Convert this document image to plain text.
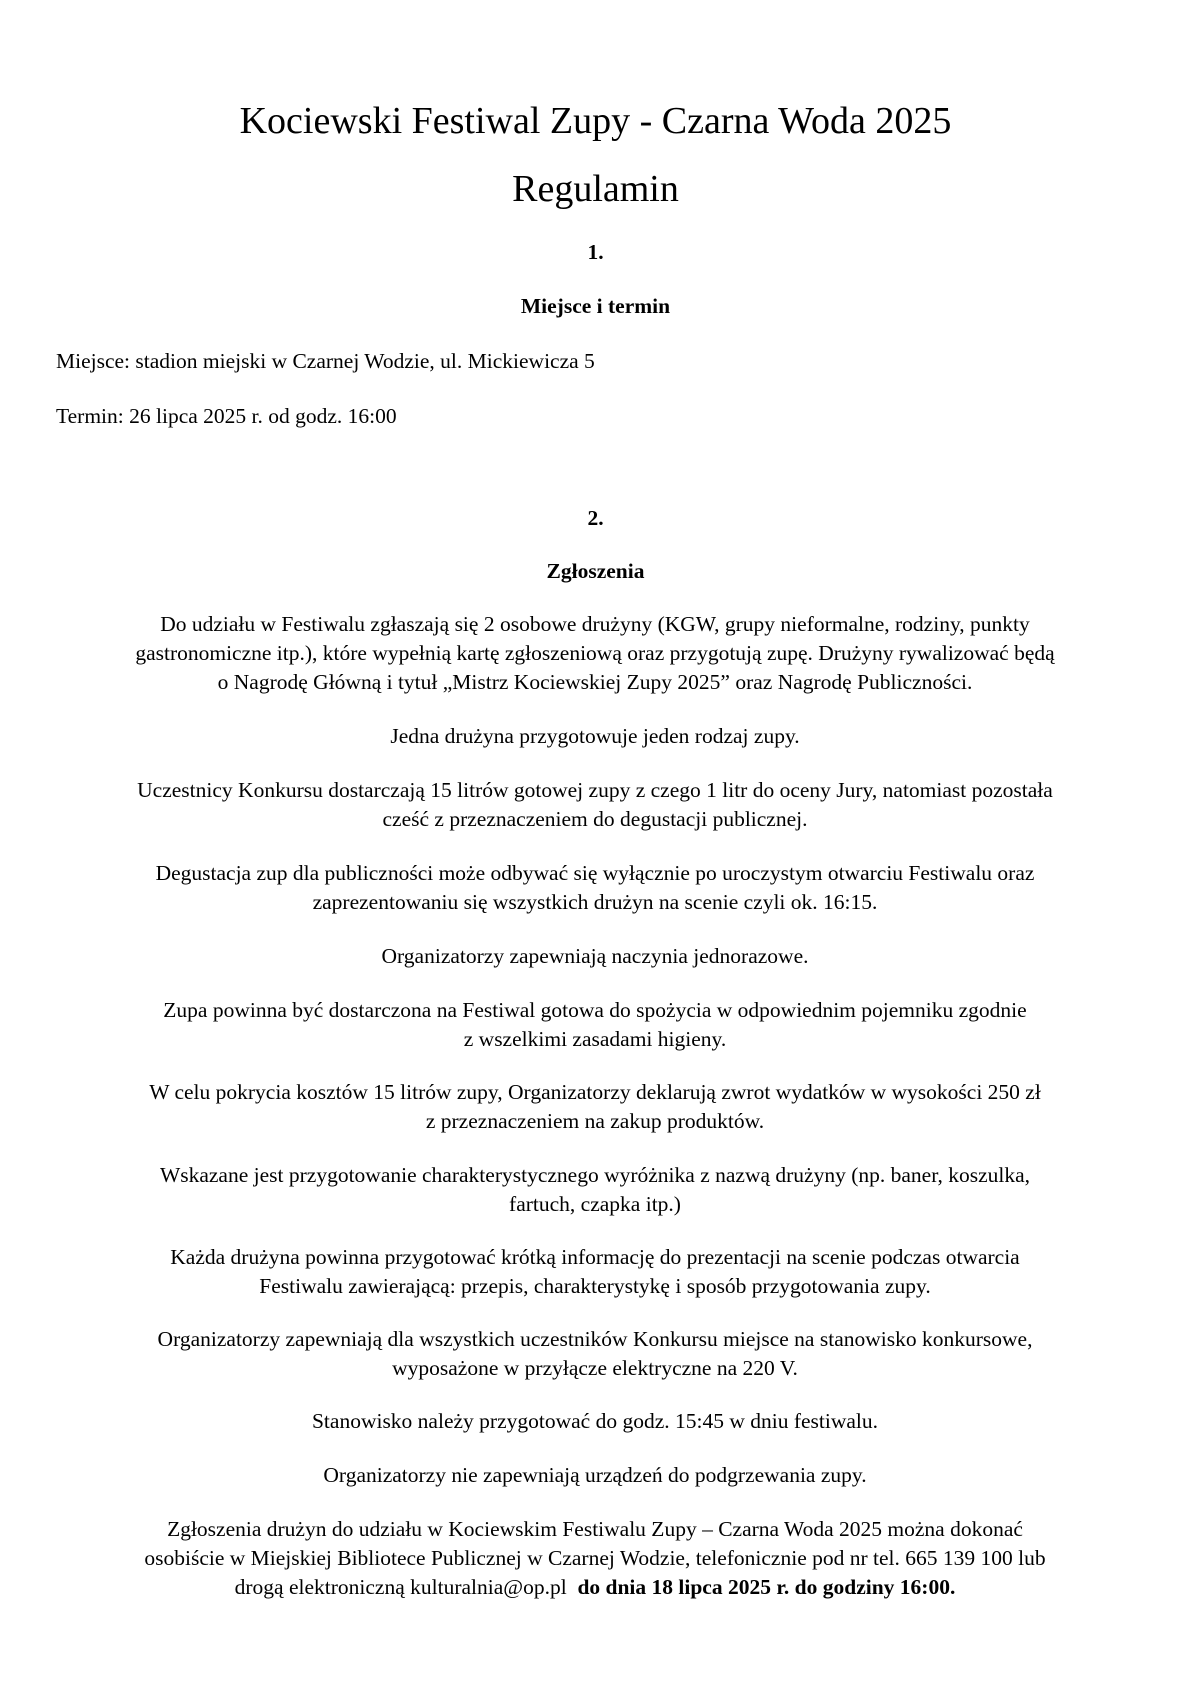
Kociewski Festiwal Zupy - Czarna Woda 2025
Regulamin

1.

Miejsce i termin

Miejsce: stadion miejski w Czarnej Wodzie, ul. Mickiewicza 5

Termin: 26 lipca 2025 r. od godz. 16:00

2.

Zgłoszenia

Do udziału w Festiwalu zgłaszają się 2 osobowe drużyny (KGW, grupy nieformalne, rodziny, punkty
gastronomiczne itp.), które wypełnią kartę zgłoszeniową oraz przygotują zupę. Drużyny rywalizować będą
o Nagrodę Główną i tytuł „Mistrz Kociewskiej Zupy 2025” oraz Nagrodę Publiczności.
Jedna drużyna przygotowuje jeden rodzaj zupy.
Uczestnicy Konkursu dostarczają 15 litrów gotowej zupy z czego 1 litr do oceny Jury, natomiast pozostała
cześć z przeznaczeniem do degustacji publicznej.
Degustacja zup dla publiczności może odbywać się wyłącznie po uroczystym otwarciu Festiwalu oraz
zaprezentowaniu się wszystkich drużyn na scenie czyli ok. 16:15.
Organizatorzy zapewniają naczynia jednorazowe.
Zupa powinna być dostarczona na Festiwal gotowa do spożycia w odpowiednim pojemniku zgodnie
z wszelkimi zasadami higieny.
W celu pokrycia kosztów 15 litrów zupy, Organizatorzy deklarują zwrot wydatków w wysokości 250 zł
z przeznaczeniem na zakup produktów.
Wskazane jest przygotowanie charakterystycznego wyróżnika z nazwą drużyny (np. baner, koszulka,
fartuch, czapka itp.)
Każda drużyna powinna przygotować krótką informację do prezentacji na scenie podczas otwarcia
Festiwalu zawierającą: przepis, charakterystykę i sposób przygotowania zupy.
Organizatorzy zapewniają dla wszystkich uczestników Konkursu miejsce na stanowisko konkursowe,
wyposażone w przyłącze elektryczne na 220 V.
Stanowisko należy przygotować do godz. 15:45 w dniu festiwalu.
Organizatorzy nie zapewniają urządzeń do podgrzewania zupy.
Zgłoszenia drużyn do udziału w Kociewskim Festiwalu Zupy – Czarna Woda 2025 można dokonać
osobiście w Miejskiej Bibliotece Publicznej w Czarnej Wodzie, telefonicznie pod nr tel. 665 139 100 lub
drogą elektroniczną kulturalnia@op.pl  do dnia 18 lipca 2025 r. do godziny 16:00.
